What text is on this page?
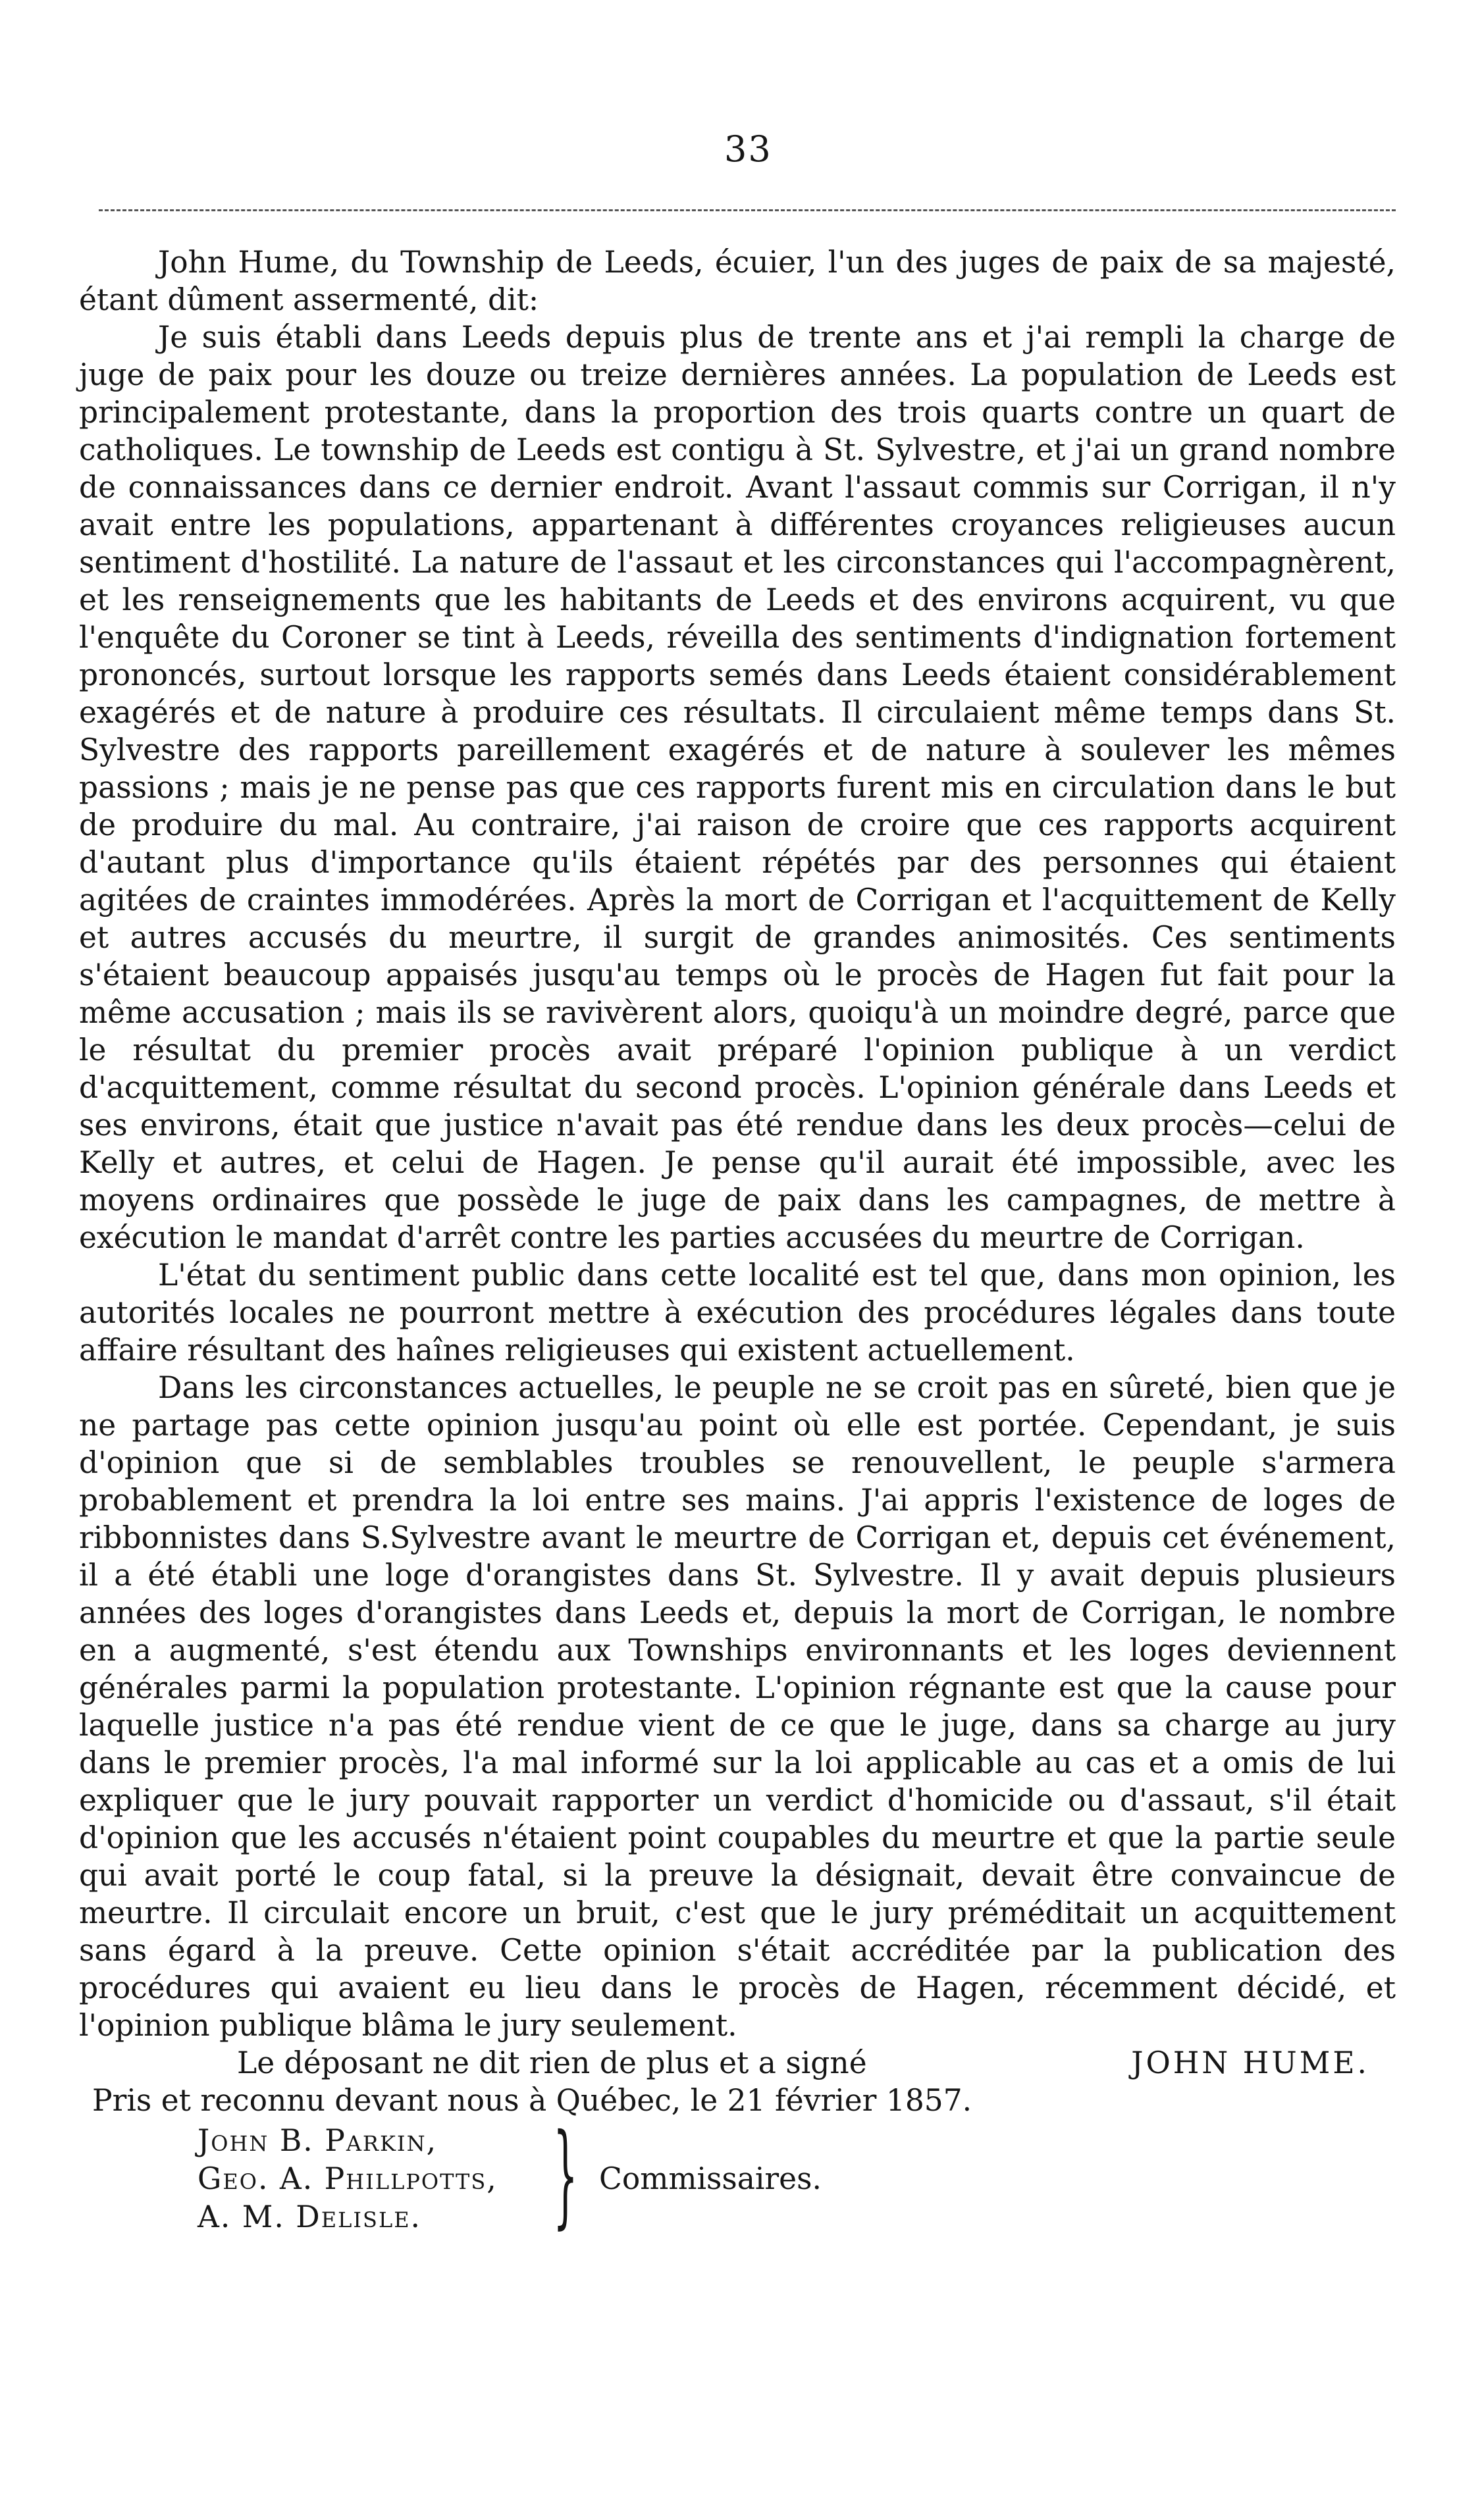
33

John Hume, du Township de Leeds, écuier, l'un des juges de paix de sa majesté, étant dûment assermenté, dit:

Je suis établi dans Leeds depuis plus de trente ans et j'ai rempli la charge de juge de paix pour les douze ou treize dernières années. La population de Leeds est principalement protestante, dans la proportion des trois quarts contre un quart de catholiques. Le township de Leeds est contigu à St. Sylvestre, et j'ai un grand nombre de connaissances dans ce dernier endroit. Avant l'assaut commis sur Corrigan, il n'y avait entre les populations, appartenant à différentes croyances religieuses aucun sentiment d'hostilité. La nature de l'assaut et les circonstances qui l'accompagnèrent, et les renseignements que les habitants de Leeds et des environs acquirent, vu que l'enquête du Coroner se tint à Leeds, réveilla des sentiments d'indignation fortement prononcés, surtout lorsque les rapports semés dans Leeds étaient considérablement exagérés et de nature à produire ces résultats. Il circulaient même temps dans St. Sylvestre des rapports pareillement exagérés et de nature à soulever les mêmes passions ; mais je ne pense pas que ces rapports furent mis en circulation dans le but de produire du mal. Au contraire, j'ai raison de croire que ces rapports acquirent d'autant plus d'importance qu'ils étaient répétés par des personnes qui étaient agitées de craintes immodérées. Après la mort de Corrigan et l'acquittement de Kelly et autres accusés du meurtre, il surgit de grandes animosités. Ces sentiments s'étaient beaucoup appaisés jusqu'au temps où le procès de Hagen fut fait pour la même accusation ; mais ils se ravivèrent alors, quoiqu'à un moindre degré, parce que le résultat du premier procès avait préparé l'opinion publique à un verdict d'acquittement, comme résultat du second procès. L'opinion générale dans Leeds et ses environs, était que justice n'avait pas été rendue dans les deux procès—celui de Kelly et autres, et celui de Hagen. Je pense qu'il aurait été impossible, avec les moyens ordinaires que possède le juge de paix dans les campagnes, de mettre à exécution le mandat d'arrêt contre les parties accusées du meurtre de Corrigan.

L'état du sentiment public dans cette localité est tel que, dans mon opinion, les autorités locales ne pourront mettre à exécution des procédures légales dans toute affaire résultant des haînes religieuses qui existent actuellement.

Dans les circonstances actuelles, le peuple ne se croit pas en sûreté, bien que je ne partage pas cette opinion jusqu'au point où elle est portée. Cependant, je suis d'opinion que si de semblables troubles se renouvellent, le peuple s'armera probablement et prendra la loi entre ses mains. J'ai appris l'existence de loges de ribbonnistes dans S.Sylvestre avant le meurtre de Corrigan et, depuis cet événement, il a été établi une loge d'orangistes dans St. Sylvestre. Il y avait depuis plusieurs années des loges d'orangistes dans Leeds et, depuis la mort de Corrigan, le nombre en a augmenté, s'est étendu aux Townships environnants et les loges deviennent générales parmi la population protestante. L'opinion régnante est que la cause pour laquelle justice n'a pas été rendue vient de ce que le juge, dans sa charge au jury dans le premier procès, l'a mal informé sur la loi applicable au cas et a omis de lui expliquer que le jury pouvait rapporter un verdict d'homicide ou d'assaut, s'il était d'opinion que les accusés n'étaient point coupables du meurtre et que la partie seule qui avait porté le coup fatal, si la preuve la désignait, devait être convaincue de meurtre. Il circulait encore un bruit, c'est que le jury préméditait un acquittement sans égard à la preuve. Cette opinion s'était accréditée par la publication des procédures qui avaient eu lieu dans le procès de Hagen, récemment décidé, et l'opinion publique blâma le jury seulement.

Le déposant ne dit rien de plus et a signé	JOHN HUME.

Pris et reconnu devant nous à Québec, le 21 février 1857.

John B. Parkin,
Geo. A. Phillpotts,
A. M. Delisle.	} Commissaires.
